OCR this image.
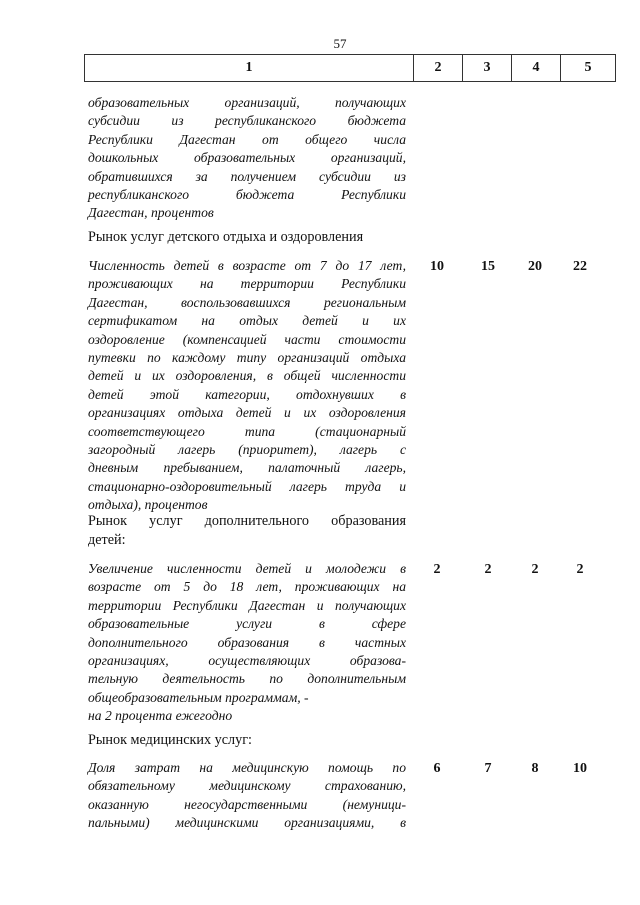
57
1	2	3	4	5
образовательных организаций, получающих
субсидии из республиканского бюджета
Республики Дагестан от общего числа
дошкольных образовательных организаций,
обратившихся за получением субсидии из
республиканского бюджета Республики
Дагестан, процентов
Рынок услуг детского отдыха и оздоровления
Численность детей в возрасте от 7 до 17 лет,
проживающих на территории Республики
Дагестан, воспользовавшихся региональным
сертификатом на отдых детей и их
оздоровление (компенсацией части стоимости
путевки по каждому типу организаций отдыха
детей и их оздоровления, в общей численности
детей этой категории, отдохнувших в
организациях отдыха детей и их оздоровления
соответствующего типа (стационарный
загородный лагерь (приоритет), лагерь с
дневным пребыванием, палаточный лагерь,
стационарно-оздоровительный лагерь труда и
отдыха), процентов
10	15	20	22
Рынок услуг дополнительного образования
детей:
Увеличение численности детей и молодежи в
возрасте от 5 до 18 лет, проживающих на
территории Республики Дагестан и получающих
образовательные услуги в сфере
дополнительного образования в частных
организациях, осуществляющих образова-
тельную деятельность по дополнительным
общеобразовательным программам, -
на 2 процента ежегодно
2	2	2	2
Рынок медицинских услуг:
Доля затрат на медицинскую помощь по
обязательному медицинскому страхованию,
оказанную негосударственными (немуници-
пальными) медицинскими организациями, в
6	7	8	10
